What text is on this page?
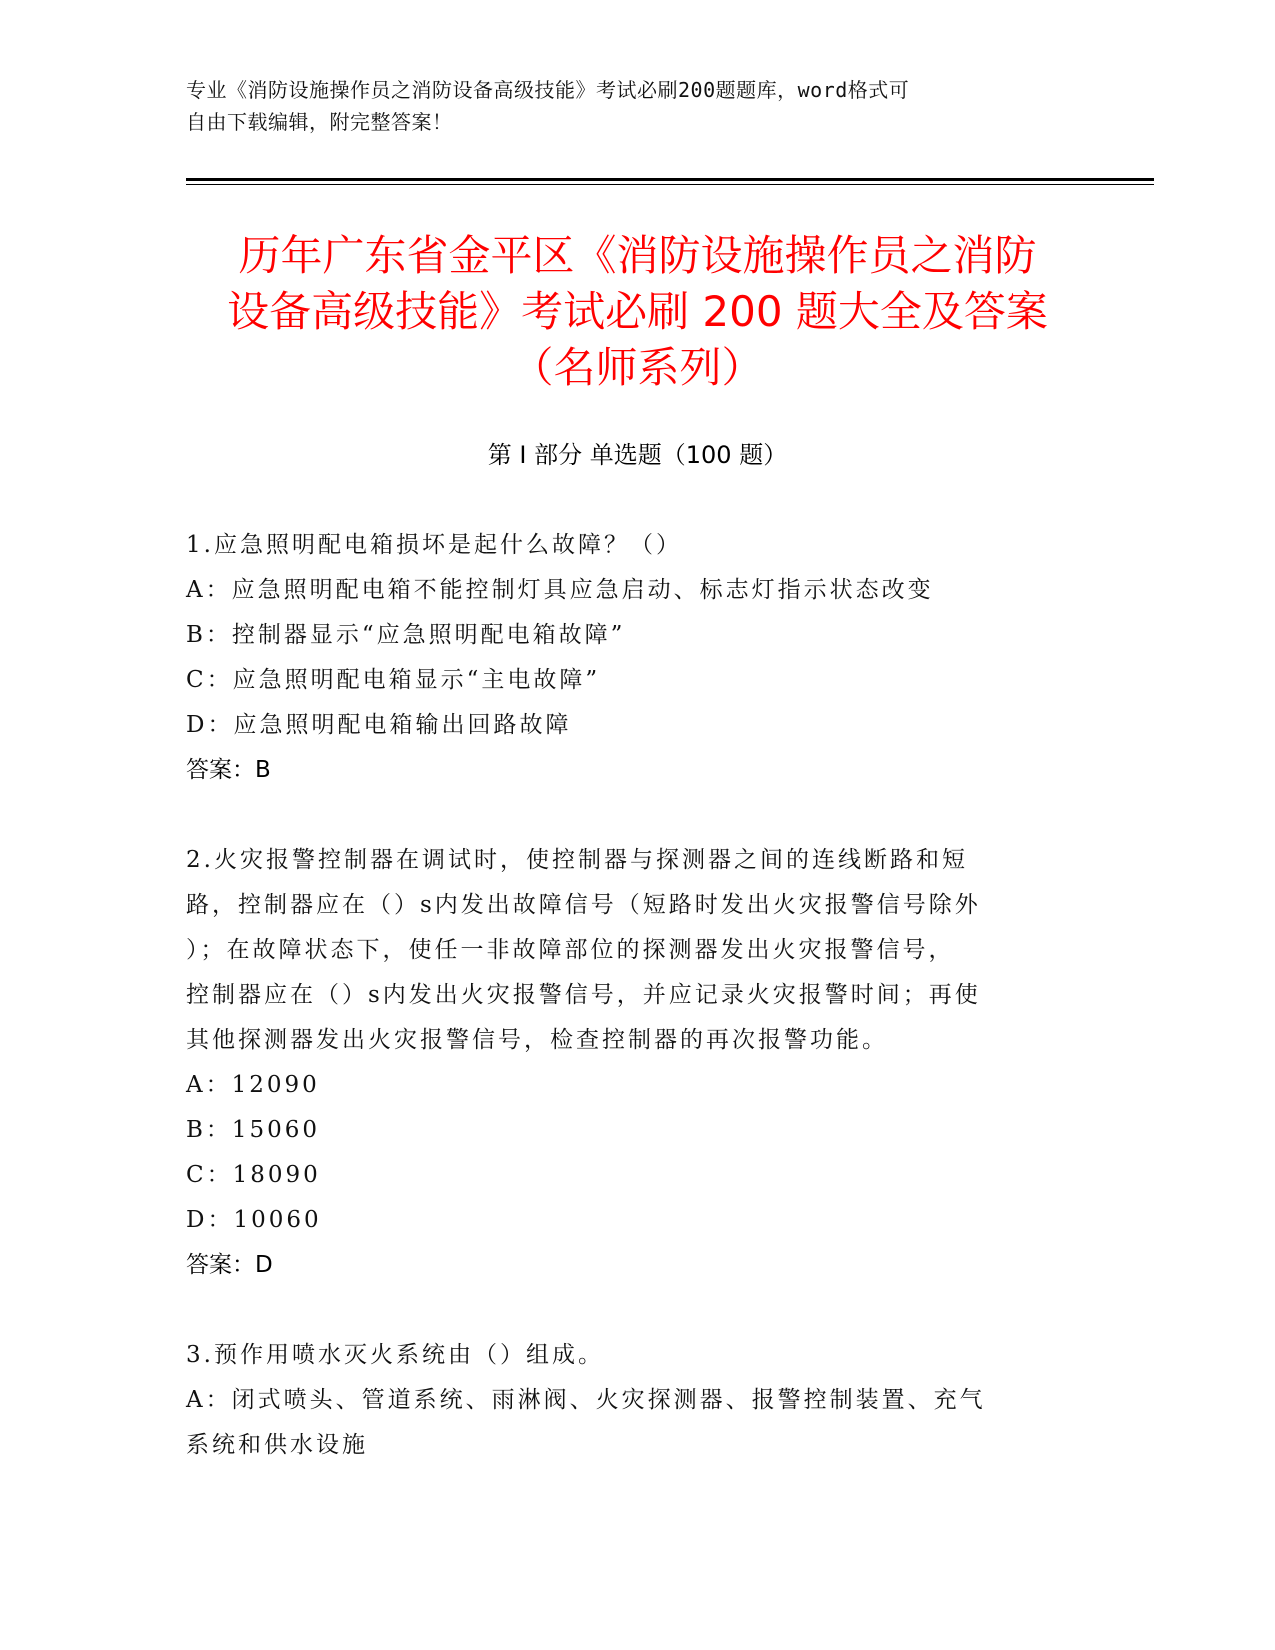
专业《消防设施操作员之消防设备高级技能》考试必刷200题题库，word格式可
自由下载编辑，附完整答案！
历年广东省金平区《消防设施操作员之消防
设备高级技能》考试必刷 200 题大全及答案
（名师系列）
第 I 部分 单选题（100 题）

1.应急照明配电箱损坏是起什么故障？（）

A：应急照明配电箱不能控制灯具应急启动、标志灯指示状态改变

B：控制器显示“应急照明配电箱故障”

C：应急照明配电箱显示“主电故障”

D：应急照明配电箱输出回路故障

答案：B

2.火灾报警控制器在调试时，使控制器与探测器之间的连线断路和短

路，控制器应在（）s内发出故障信号（短路时发出火灾报警信号除外

）；在故障状态下，使任一非故障部位的探测器发出火灾报警信号，

控制器应在（）s内发出火灾报警信号，并应记录火灾报警时间；再使

其他探测器发出火灾报警信号，检查控制器的再次报警功能。

A：12090

B：15060

C：18090

D：10060

答案：D

3.预作用喷水灭火系统由（）组成。

A：闭式喷头、管道系统、雨淋阀、火灾探测器、报警控制装置、充气

系统和供水设施
